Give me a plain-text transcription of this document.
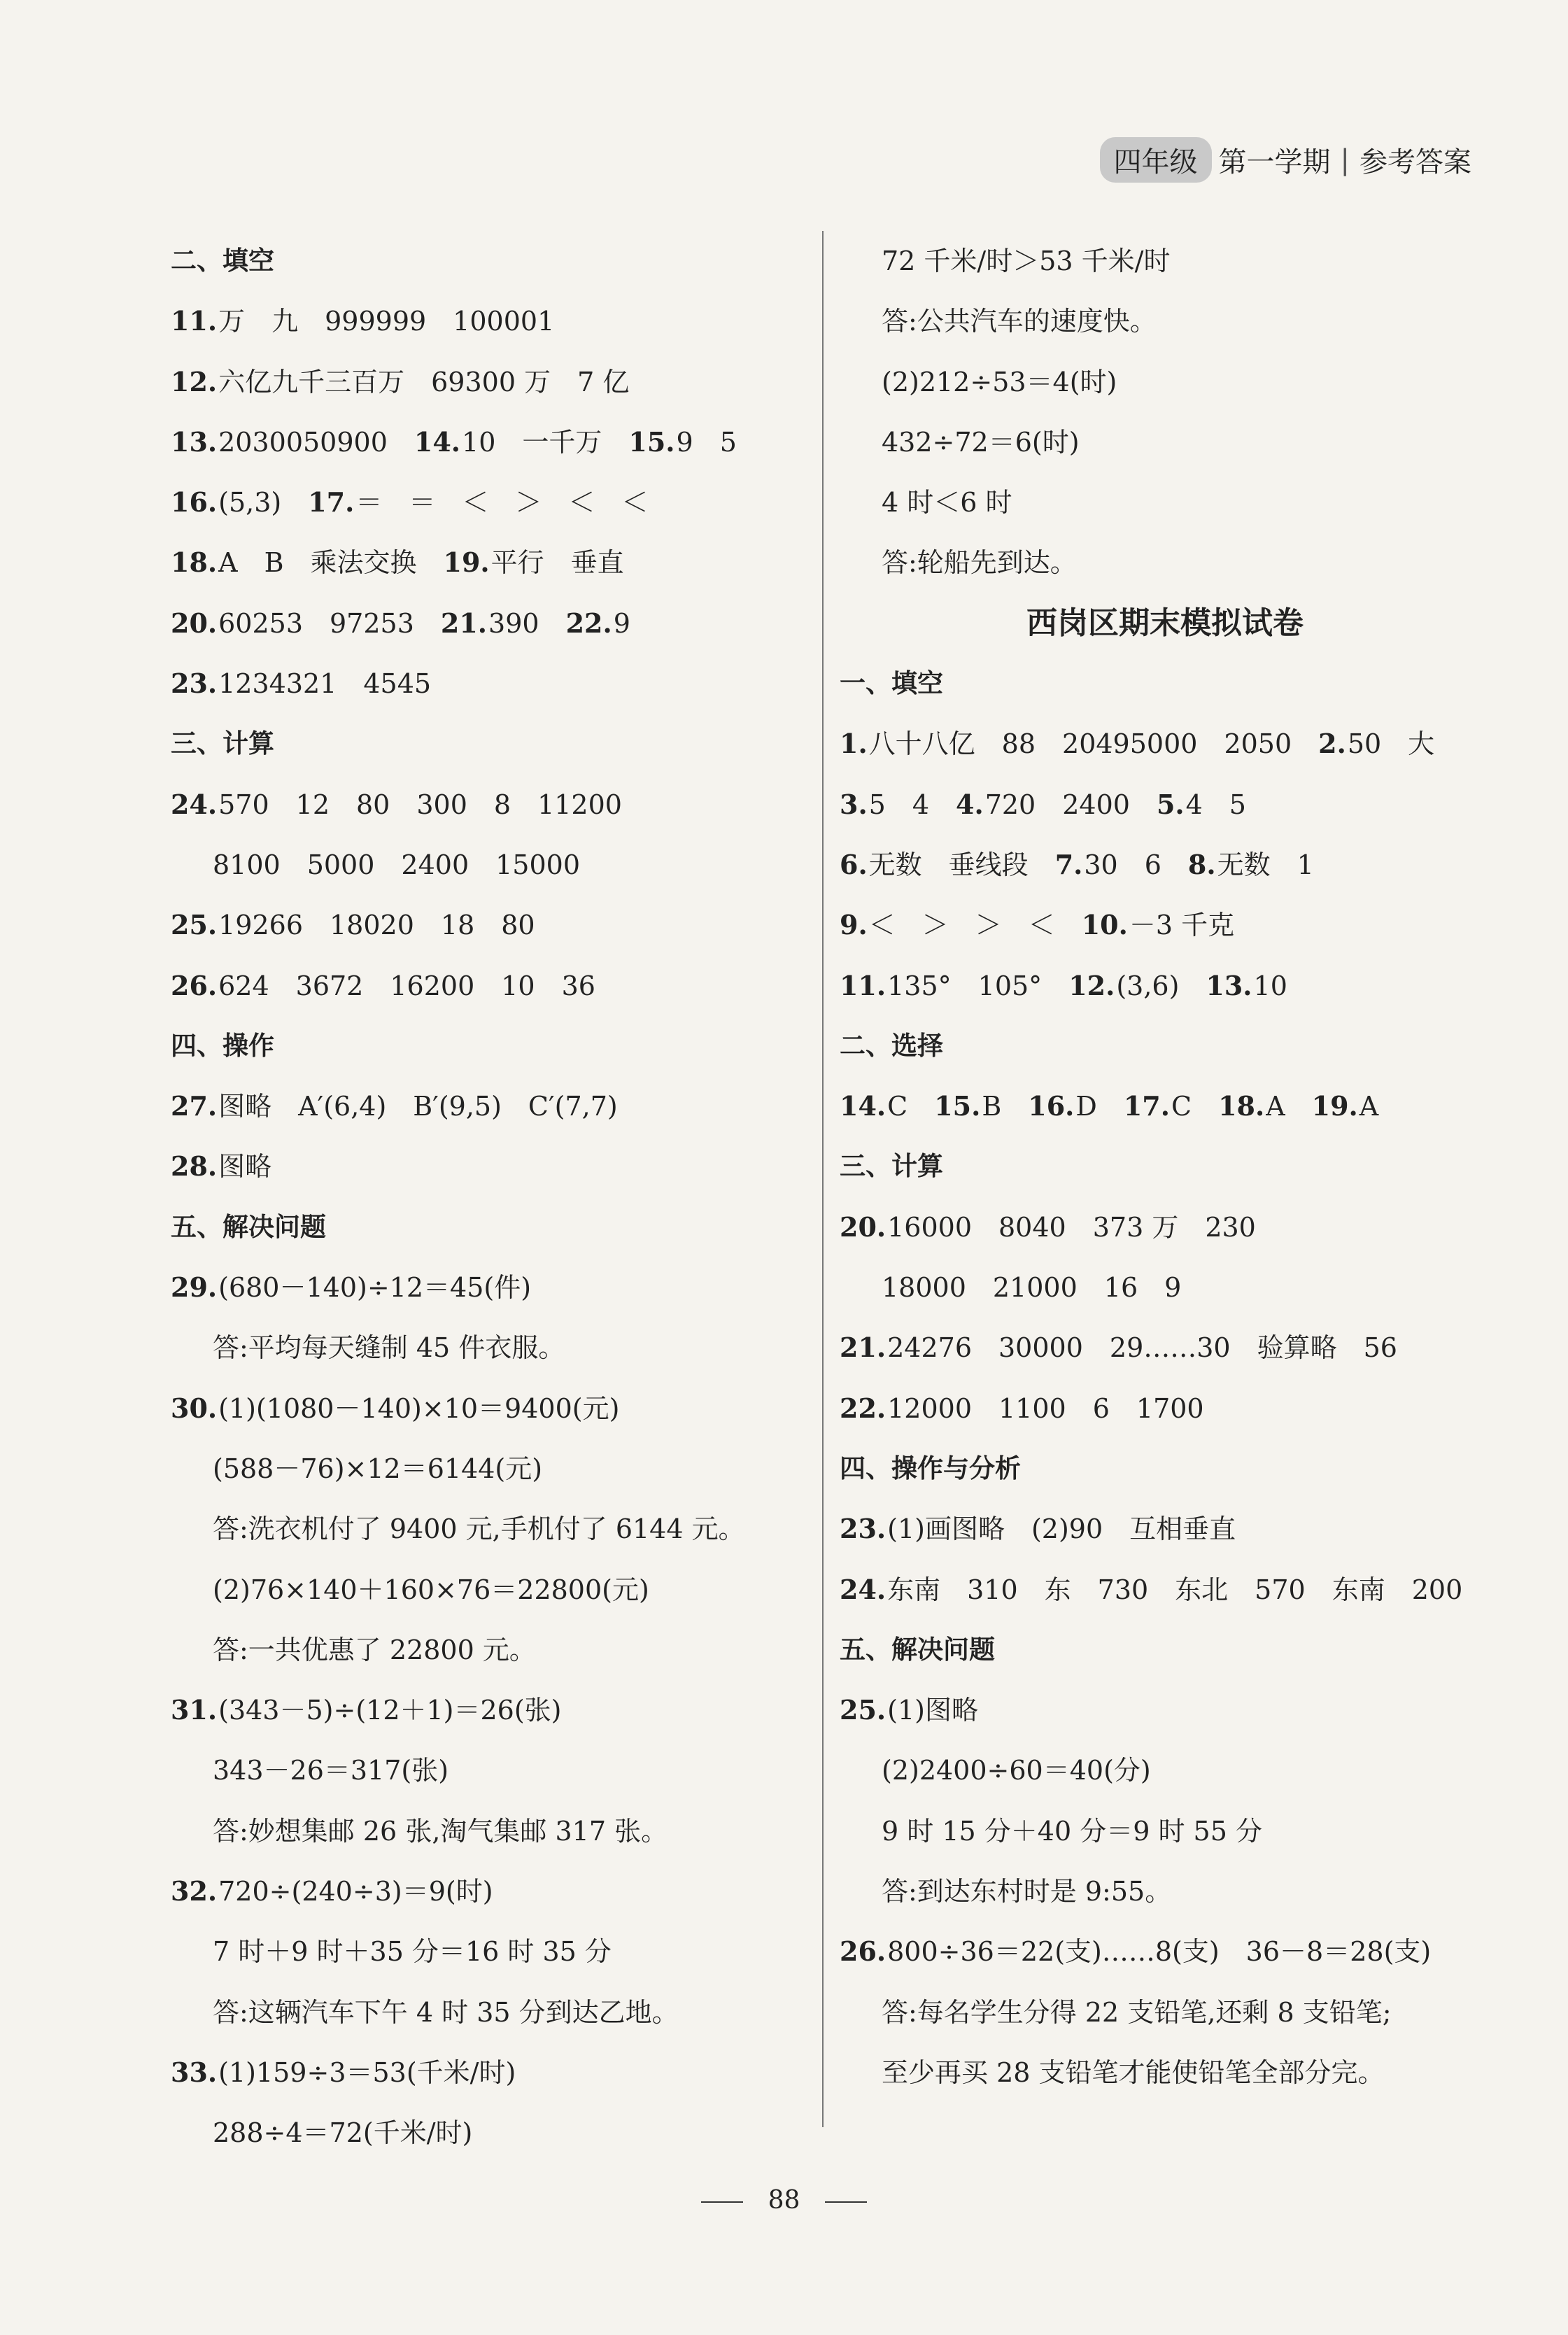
四年级 第一学期 | 参考答案
二、填空
11.万　九　999999　100001
12.六亿九千三百万　69300 万　7 亿
13.2030050900　14.10　一千万　15.9　5
16.(5,3)　17.＝　＝　＜　＞　＜　＜
18.A　B　乘法交换　19.平行　垂直
20.60253　97253　21.390　22.9
23.1234321　4545
三、计算
24.570　12　80　300　8　11200
8100　5000　2400　15000
25.19266　18020　18　80
26.624　3672　16200　10　36
四、操作
27.图略　A′(6,4)　B′(9,5)　C′(7,7)
28.图略
五、解决问题
29.(680－140)÷12＝45(件)
答:平均每天缝制 45 件衣服。
30.(1)(1080－140)×10＝9400(元)
(588－76)×12＝6144(元)
答:洗衣机付了 9400 元,手机付了 6144 元。
(2)76×140＋160×76＝22800(元)
答:一共优惠了 22800 元。
31.(343－5)÷(12＋1)＝26(张)
343－26＝317(张)
答:妙想集邮 26 张,淘气集邮 317 张。
32.720÷(240÷3)＝9(时)
7 时＋9 时＋35 分＝16 时 35 分
答:这辆汽车下午 4 时 35 分到达乙地。
33.(1)159÷3＝53(千米/时)
288÷4＝72(千米/时)
72 千米/时＞53 千米/时
答:公共汽车的速度快。
(2)212÷53＝4(时)
432÷72＝6(时)
4 时＜6 时
答:轮船先到达。
西岗区期末模拟试卷
一、填空
1.八十八亿　88　20495000　2050　2.50　大
3.5　4　4.720　2400　5.4　5
6.无数　垂线段　7.30　6　8.无数　1
9.＜　＞　＞　＜　10.－3 千克
11.135°　105°　12.(3,6)　13.10
二、选择
14.C　15.B　16.D　17.C　18.A　19.A
三、计算
20.16000　8040　373 万　230
18000　21000　16　9
21.24276　30000　29……30　验算略　56
22.12000　1100　6　1700
四、操作与分析
23.(1)画图略　(2)90　互相垂直
24.东南　310　东　730　东北　570　东南　200
五、解决问题
25.(1)图略
(2)2400÷60＝40(分)
9 时 15 分＋40 分＝9 时 55 分
答:到达东村时是 9:55。
26.800÷36＝22(支)……8(支)　36－8＝28(支)
答:每名学生分得 22 支铅笔,还剩 8 支铅笔;
至少再买 28 支铅笔才能使铅笔全部分完。
88
